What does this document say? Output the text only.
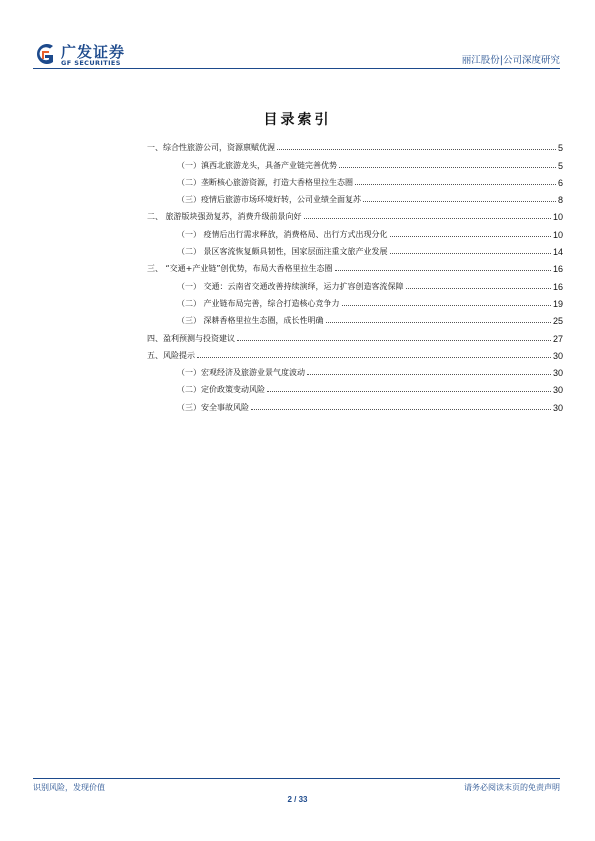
广发证券
GF SECURITIES	丽江股份|公司深度研究
目录索引
一、综合性旅游公司，资源禀赋优渥	5
（一）滇西北旅游龙头，具备产业链完善优势	5
（二）垄断核心旅游资源，打造大香格里拉生态圈	6
（三）疫情后旅游市场环境好转，公司业绩全面复苏	8
二、 旅游版块强劲复苏，消费升级前景向好	10
（一） 疫情后出行需求释放，消费格局、出行方式出现分化	10
（二） 景区客流恢复颇具韧性，国家层面注重文旅产业发展	14
三、 “交通+产业链”创优势，布局大香格里拉生态圈	16
（一） 交通：云南省交通改善持续演绎，运力扩容创造客流保障	16
（二） 产业链布局完善，综合打造核心竞争力	19
（三） 深耕香格里拉生态圈，成长性明确	25
四、盈利预测与投资建议	27
五、风险提示	30
（一）宏观经济及旅游业景气度波动	30
（二）定价政策变动风险	30
（三）安全事故风险	30
识别风险，发现价值	请务必阅读末页的免责声明
2 / 33
